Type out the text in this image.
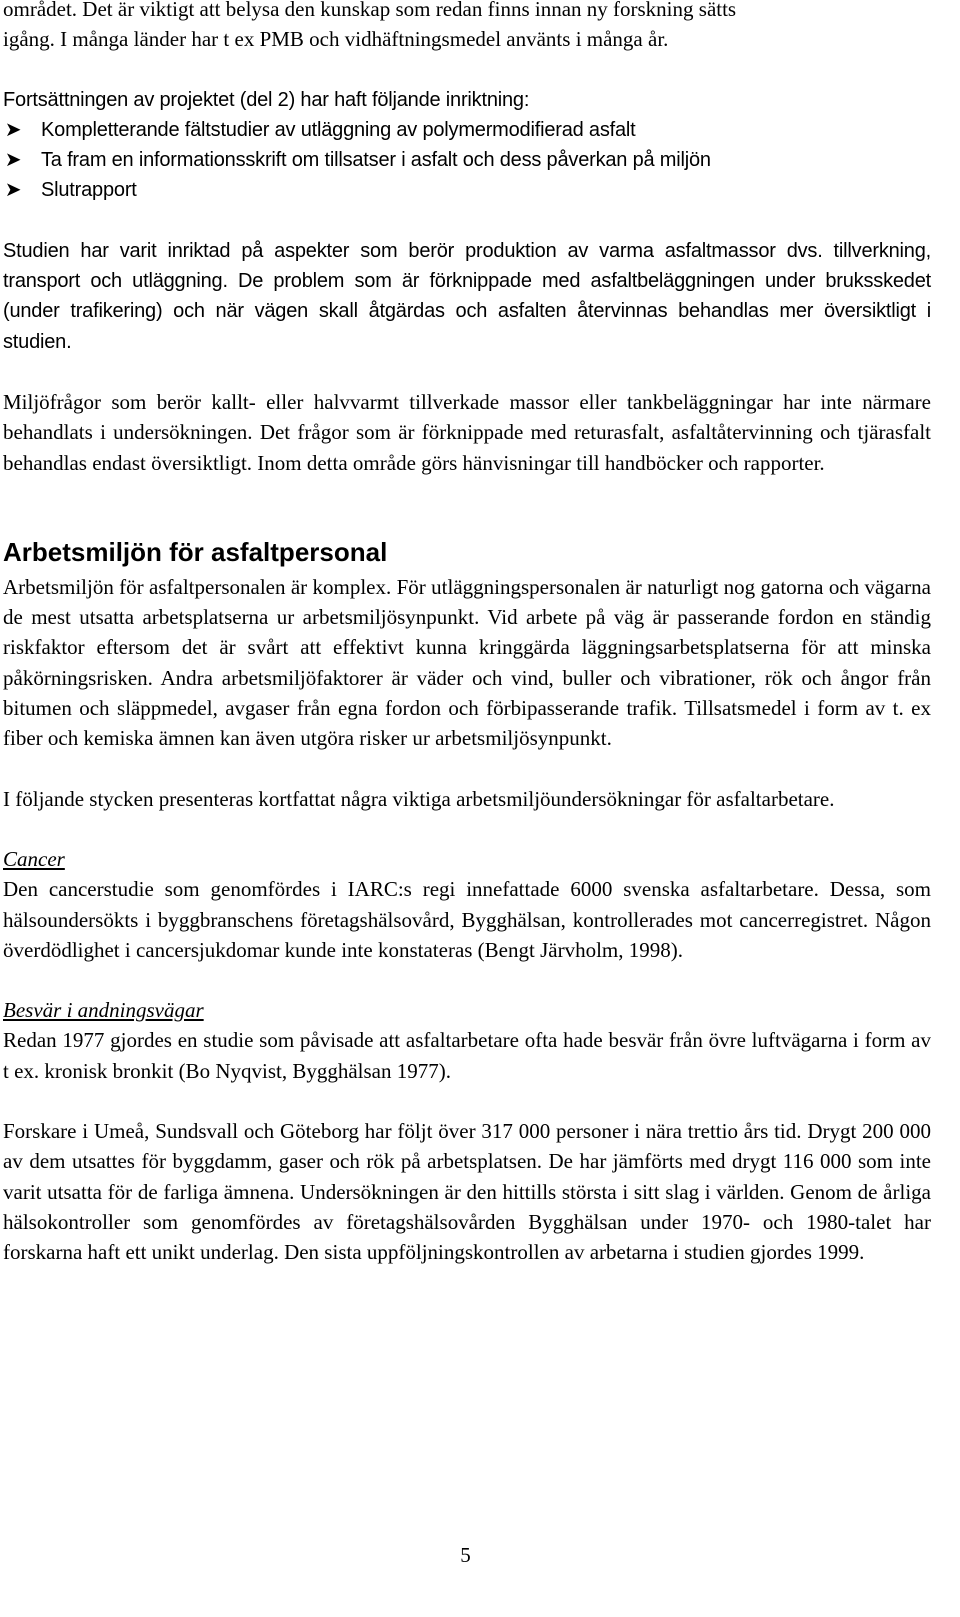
området. Det är viktigt att belysa den kunskap som redan finns innan ny forskning sätts
igång. I många länder har t ex PMB och vidhäftningsmedel använts i många år.

Fortsättningen av projektet (del 2) har haft följande inriktning:

➤ Kompletterande fältstudier av utläggning av polymermodifierad asfalt
➤ Ta fram en informationsskrift om tillsatser i asfalt och dess påverkan på miljön
➤ Slutrapport

Studien har varit inriktad på aspekter som berör produktion av varma asfaltmassor dvs. tillverkning, transport och utläggning. De problem som är förknippade med asfaltbeläggningen under bruksskedet (under trafikering) och när vägen skall åtgärdas och asfalten återvinnas behandlas mer översiktligt i studien.

Miljöfrågor som berör kallt- eller halvvarmt tillverkade massor eller tankbeläggningar har inte närmare behandlats i undersökningen. Det frågor som är förknippade med returasfalt, asfaltåtervinning och tjärasfalt behandlas endast översiktligt. Inom detta område görs hänvisningar till handböcker och rapporter.

Arbetsmiljön för asfaltpersonal

Arbetsmiljön för asfaltpersonalen är komplex. För utläggningspersonalen är naturligt nog gatorna och vägarna de mest utsatta arbetsplatserna ur arbetsmiljösynpunkt. Vid arbete på väg är passerande fordon en ständig riskfaktor eftersom det är svårt att effektivt kunna kringgärda läggningsarbetsplatserna för att minska påkörningsrisken. Andra arbetsmiljöfaktorer är väder och vind, buller och vibrationer, rök och ångor från bitumen och släppmedel, avgaser från egna fordon och förbipasserande trafik. Tillsatsmedel i form av t. ex fiber och kemiska ämnen kan även utgöra risker ur arbetsmiljösynpunkt.

I följande stycken presenteras kortfattat några viktiga arbetsmiljöundersökningar för asfaltarbetare.

Cancer
Den cancerstudie som genomfördes i IARC:s regi innefattade 6000 svenska asfaltarbetare. Dessa, som hälsoundersökts i byggbranschens företagshälsovård, Bygghälsan, kontrollerades mot cancerregistret. Någon överdödlighet i cancersjukdomar kunde inte konstateras (Bengt Järvholm, 1998).

Besvär i andningsvägar
Redan 1977 gjordes en studie som påvisade att asfaltarbetare ofta hade besvär från övre luftvägarna i form av t ex. kronisk bronkit (Bo Nyqvist, Bygghälsan 1977).

Forskare i Umeå, Sundsvall och Göteborg har följt över 317 000 personer i nära trettio års tid. Drygt 200 000 av dem utsattes för byggdamm, gaser och rök på arbetsplatsen. De har jämförts med drygt 116 000 som inte varit utsatta för de farliga ämnena. Undersökningen är den hittills största i sitt slag i världen. Genom de årliga hälsokontroller som genomfördes av företagshälsovården Bygghälsan under 1970- och 1980-talet har forskarna haft ett unikt underlag. Den sista uppföljningskontrollen av arbetarna i studien gjordes 1999.

5
